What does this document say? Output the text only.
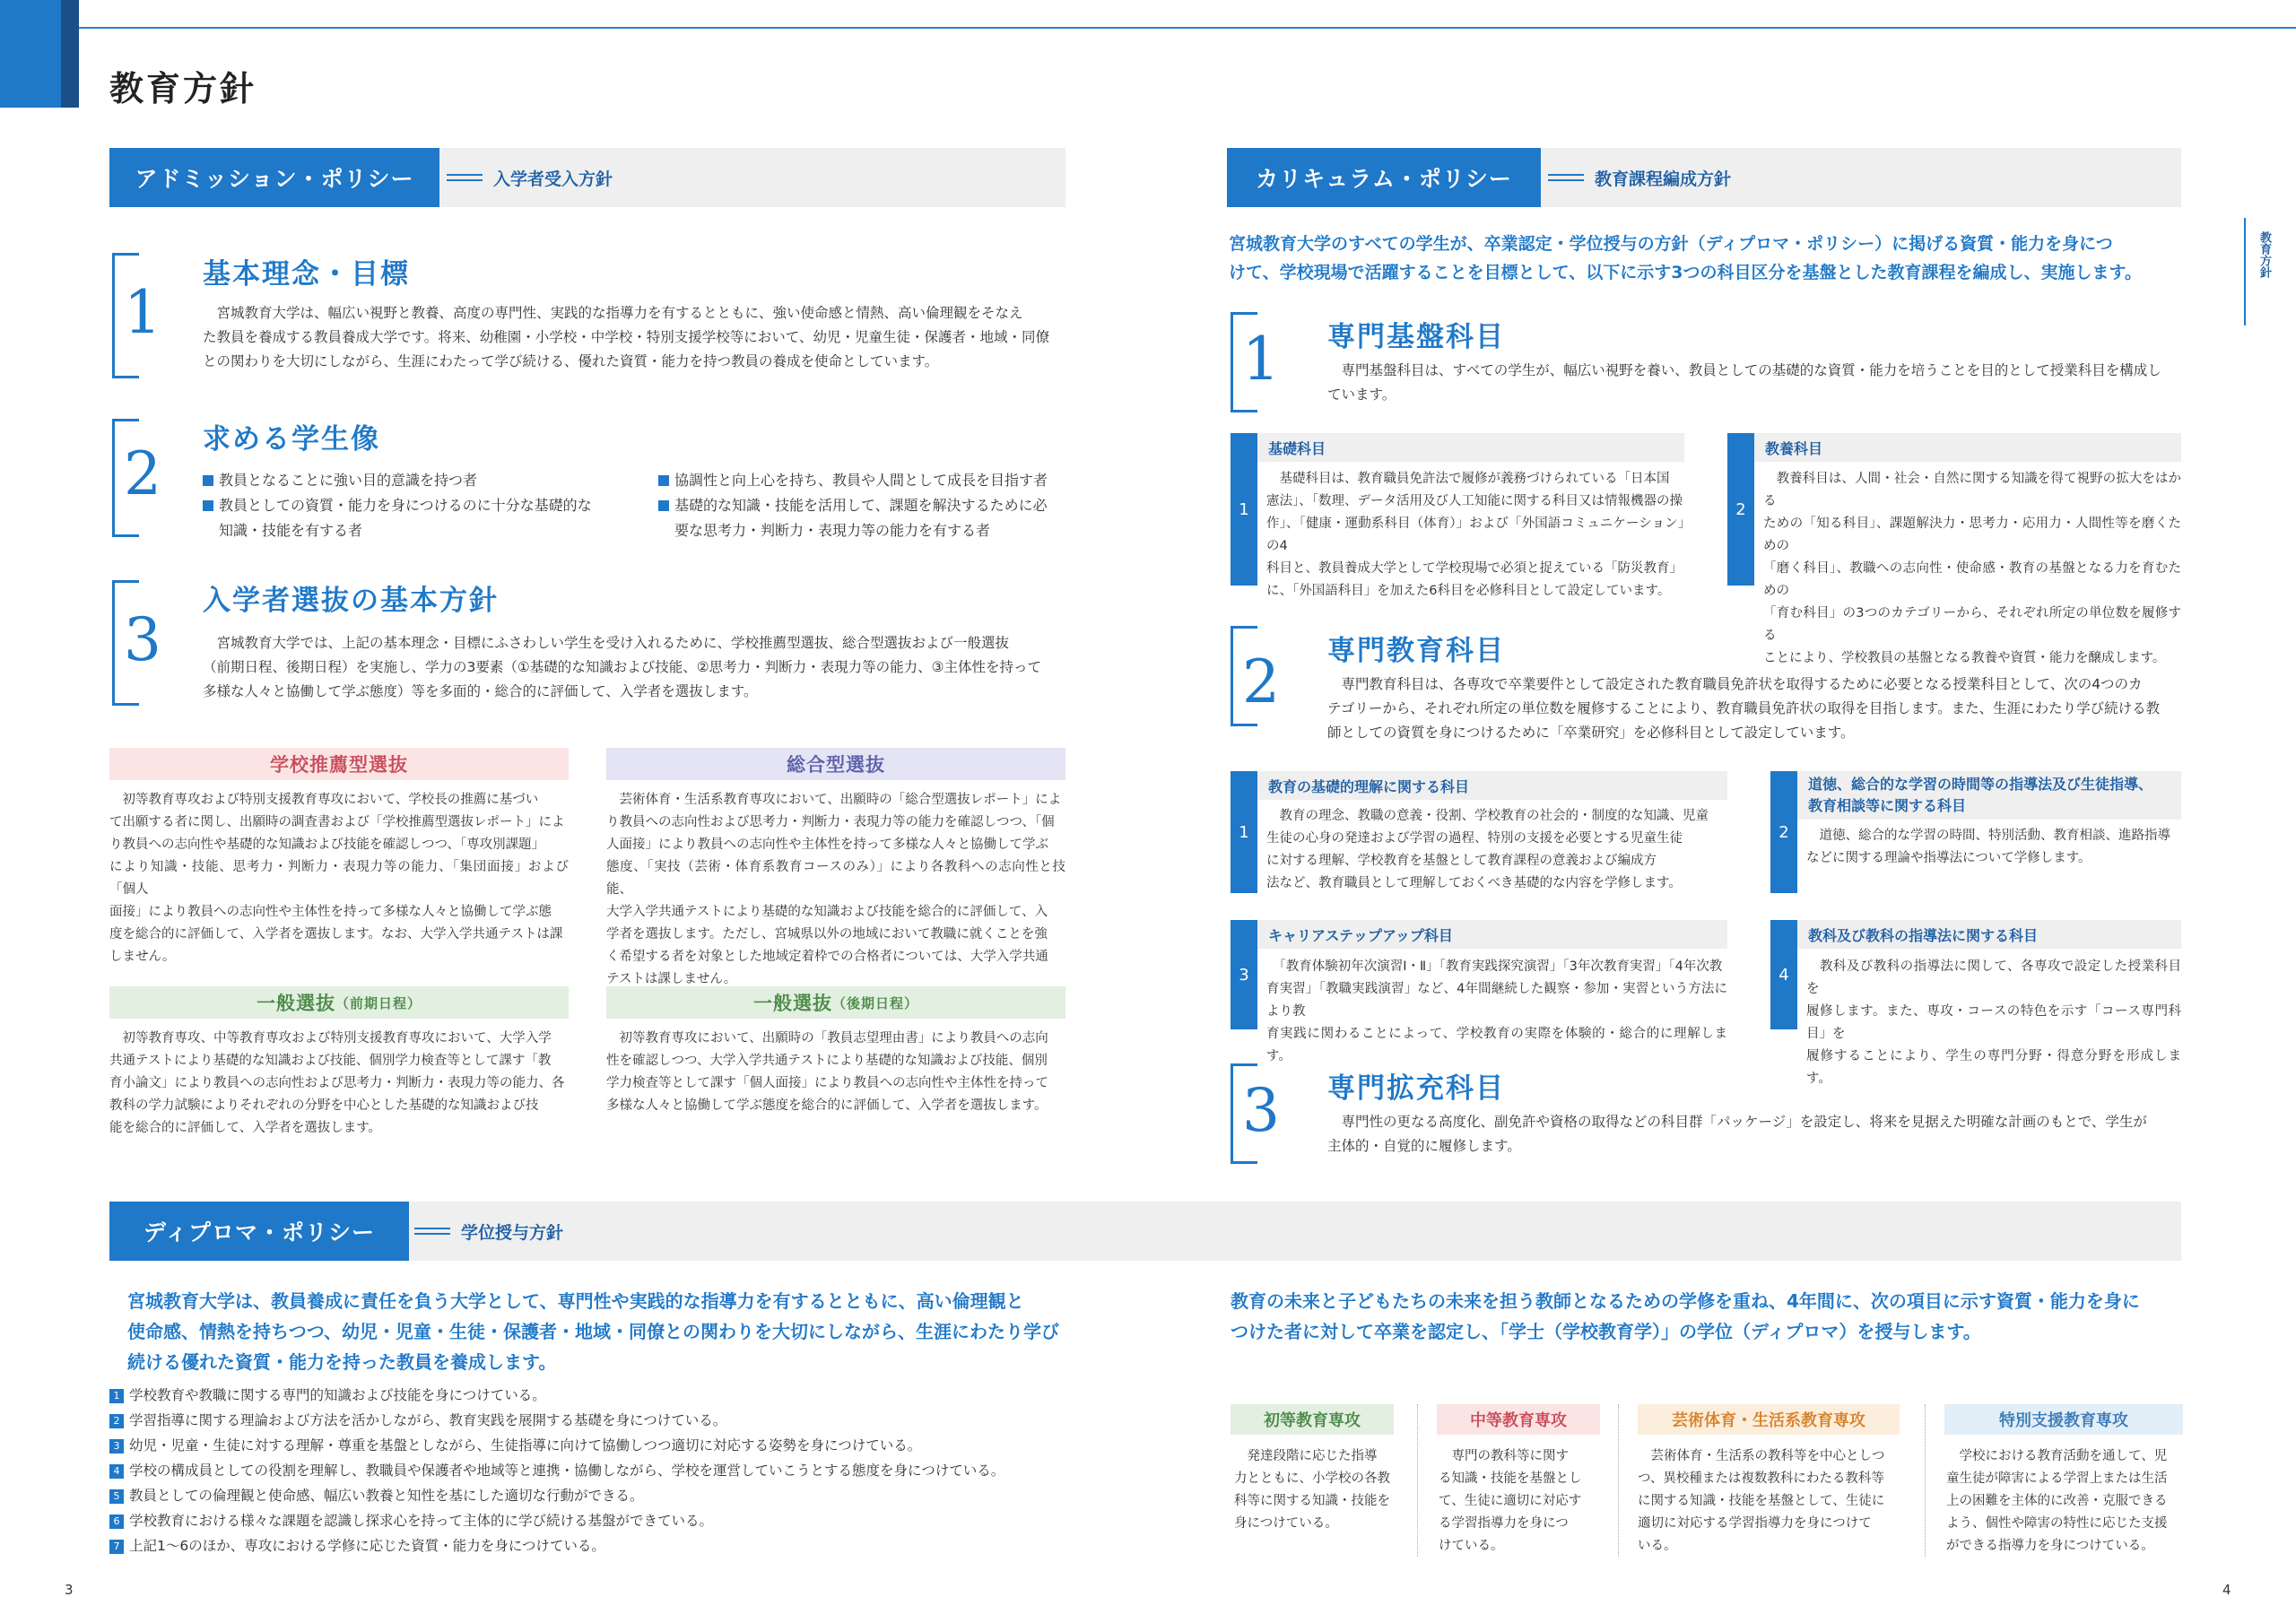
教育方針
教育方針
アドミッション・ポリシー	入学者受入方針
1
基本理念・目標
　宮城教育大学は、幅広い視野と教養、高度の専門性、実践的な指導力を有するとともに、強い使命感と情熱、高い倫理観をそなえ
た教員を養成する教員養成大学です。将来、幼稚園・小学校・中学校・特別支援学校等において、幼児・児童生徒・保護者・地域・同僚
との関わりを大切にしながら、生涯にわたって学び続ける、優れた資質・能力を持つ教員の養成を使命としています。
2 求める学生像
教員となることに強い目的意識を持つ者
教員としての資質・能力を身につけるのに十分な基礎的な
知識・技能を有する者
協調性と向上心を持ち、教員や人間として成長を目指す者
基礎的な知識・技能を活用して、課題を解決するために必
要な思考力・判断力・表現力等の能力を有する者
3
入学者選抜の基本方針
　宮城教育大学では、上記の基本理念・目標にふさわしい学生を受け入れるために、学校推薦型選抜、総合型選抜および一般選抜
（前期日程、後期日程）を実施し、学力の3要素（①基礎的な知識および技能、②思考力・判断力・表現力等の能力、③主体性を持って
多様な人々と協働して学ぶ態度）等を多面的・総合的に評価して、入学者を選抜します。
学校推薦型選抜
　初等教育専攻および特別支援教育専攻において、学校長の推薦に基づい
て出願する者に関し、出願時の調査書および「学校推薦型選抜レポート」によ
り教員への志向性や基礎的な知識および技能を確認しつつ、「専攻別課題」
により知識・技能、思考力・判断力・表現力等の能力、「集団面接」および「個人
面接」により教員への志向性や主体性を持って多様な人々と協働して学ぶ態
度を総合的に評価して、入学者を選抜します。なお、大学入学共通テストは課
しません。
総合型選抜
　芸術体育・生活系教育専攻において、出願時の「総合型選抜レポート」によ
り教員への志向性および思考力・判断力・表現力等の能力を確認しつつ、「個
人面接」により教員への志向性や主体性を持って多様な人々と協働して学ぶ
態度、「実技（芸術・体育系教育コースのみ）」により各教科への志向性と技能、
大学入学共通テストにより基礎的な知識および技能を総合的に評価して、入
学者を選抜します。ただし、宮城県以外の地域において教職に就くことを強
く希望する者を対象とした地域定着枠での合格者については、大学入学共通
テストは課しません。
一般選抜 （前期日程）
　初等教育専攻、中等教育専攻および特別支援教育専攻において、大学入学
共通テストにより基礎的な知識および技能、個別学力検査等として課す「教
育小論文」により教員への志向性および思考力・判断力・表現力等の能力、各
教科の学力試験によりそれぞれの分野を中心とした基礎的な知識および技
能を総合的に評価して、入学者を選抜します。
一般選抜 （後期日程）
　初等教育専攻において、出願時の「教員志望理由書」により教員への志向
性を確認しつつ、大学入学共通テストにより基礎的な知識および技能、個別
学力検査等として課す「個人面接」により教員への志向性や主体性を持って
多様な人々と協働して学ぶ態度を総合的に評価して、入学者を選抜します。
カリキュラム・ポリシー	教育課程編成方針
宮城教育大学のすべての学生が、卒業認定・学位授与の方針（ディプロマ・ポリシー）に掲げる資質・能力を身につ
けて、学校現場で活躍することを目標として、以下に示す3つの科目区分を基盤とした教育課程を編成し、実施します。
1 専門基盤科目
　専門基盤科目は、すべての学生が、幅広い視野を養い、教員としての基礎的な資質・能力を培うことを目的として授業科目を構成し
ています。
1
基礎科目
　基礎科目は、教育職員免許法で履修が義務づけられている「日本国
憲法」、「数理、データ活用及び人工知能に関する科目又は情報機器の操
作」、「健康・運動系科目（体育）」および「外国語コミュニケーション」の4
科目と、教員養成大学として学校現場で必須と捉えている「防災教育」
に、「外国語科目」を加えた6科目を必修科目として設定しています。
2
教養科目
　教養科目は、人間・社会・自然に関する知識を得て視野の拡大をはかる
ための「知る科目」、課題解決力・思考力・応用力・人間性等を磨くための
「磨く科目」、教職への志向性・使命感・教育の基盤となる力を育むための
「育む科目」の3つのカテゴリーから、それぞれ所定の単位数を履修する
ことにより、学校教員の基盤となる教養や資質・能力を醸成します。
2 専門教育科目
　専門教育科目は、各専攻で卒業要件として設定された教育職員免許状を取得するために必要となる授業科目として、次の4つのカ
テゴリーから、それぞれ所定の単位数を履修することにより、教育職員免許状の取得を目指します。また、生涯にわたり学び続ける教
師としての資質を身につけるために「卒業研究」を必修科目として設定しています。
1
教育の基礎的理解に関する科目
　教育の理念、教職の意義・役割、学校教育の社会的・制度的な知識、児童
生徒の心身の発達および学習の過程、特別の支援を必要とする児童生徒
に対する理解、学校教育を基盤として教育課程の意義および編成方
法など、教育職員として理解しておくべき基礎的な内容を学修します。
2
道徳、総合的な学習の時間等の指導法及び生徒指導、
教育相談等に関する科目
　道徳、総合的な学習の時間、特別活動、教育相談、進路指導
などに関する理論や指導法について学修します。
3
キャリアステップアップ科目
　「教育体験初年次演習Ⅰ・Ⅱ」「教育実践探究演習」「3年次教育実習」「4年次教
育実習」「教職実践演習」など、4年間継続した観察・参加・実習という方法により教
育実践に関わることによって、学校教育の実際を体験的・総合的に理解します。
4
教科及び教科の指導法に関する科目
　教科及び教科の指導法に関して、各専攻で設定した授業科目を
履修します。また、専攻・コースの特色を示す「コース専門科目」を
履修することにより、学生の専門分野・得意分野を形成します。
3 専門拡充科目
　専門性の更なる高度化、副免許や資格の取得などの科目群「パッケージ」を設定し、将来を見据えた明確な計画のもとで、学生が
主体的・自覚的に履修します。
ディプロマ・ポリシー	学位授与方針
宮城教育大学は、教員養成に責任を負う大学として、専門性や実践的な指導力を有するとともに、高い倫理観と
使命感、情熱を持ちつつ、幼児・児童・生徒・保護者・地域・同僚との関わりを大切にしながら、生涯にわたり学び
続ける優れた資質・能力を持った教員を養成します。
1 学校教育や教職に関する専門的知識および技能を身につけている。
2 学習指導に関する理論および方法を活かしながら、教育実践を展開する基礎を身につけている。
3 幼児・児童・生徒に対する理解・尊重を基盤としながら、生徒指導に向けて協働しつつ適切に対応する姿勢を身につけている。
4 学校の構成員としての役割を理解し、教職員や保護者や地域等と連携・協働しながら、学校を運営していこうとする態度を身につけている。
5 教員としての倫理観と使命感、幅広い教養と知性を基にした適切な行動ができる。
6 学校教育における様々な課題を認識し探求心を持って主体的に学び続ける基盤ができている。
7 上記1〜6のほか、専攻における学修に応じた資質・能力を身につけている。
教育の未来と子どもたちの未来を担う教師となるための学修を重ね、4年間に、次の項目に示す資質・能力を身に
つけた者に対して卒業を認定し、「学士（学校教育学）」の学位（ディプロマ）を授与します。
初等教育専攻
　発達段階に応じた指導
力とともに、小学校の各教
科等に関する知識・技能を
身につけている。
中等教育専攻
　専門の教科等に関す
る知識・技能を基盤とし
て、生徒に適切に対応す
る学習指導力を身につ
けている。
芸術体育・生活系教育専攻
　芸術体育・生活系の教科等を中心としつ
つ、異校種または複数教科にわたる教科等
に関する知識・技能を基盤として、生徒に
適切に対応する学習指導力を身につけて
いる。
特別支援教育専攻
　学校における教育活動を通して、児
童生徒が障害による学習上または生活
上の困難を主体的に改善・克服できる
よう、個性や障害の特性に応じた支援
ができる指導力を身につけている。
3	4
